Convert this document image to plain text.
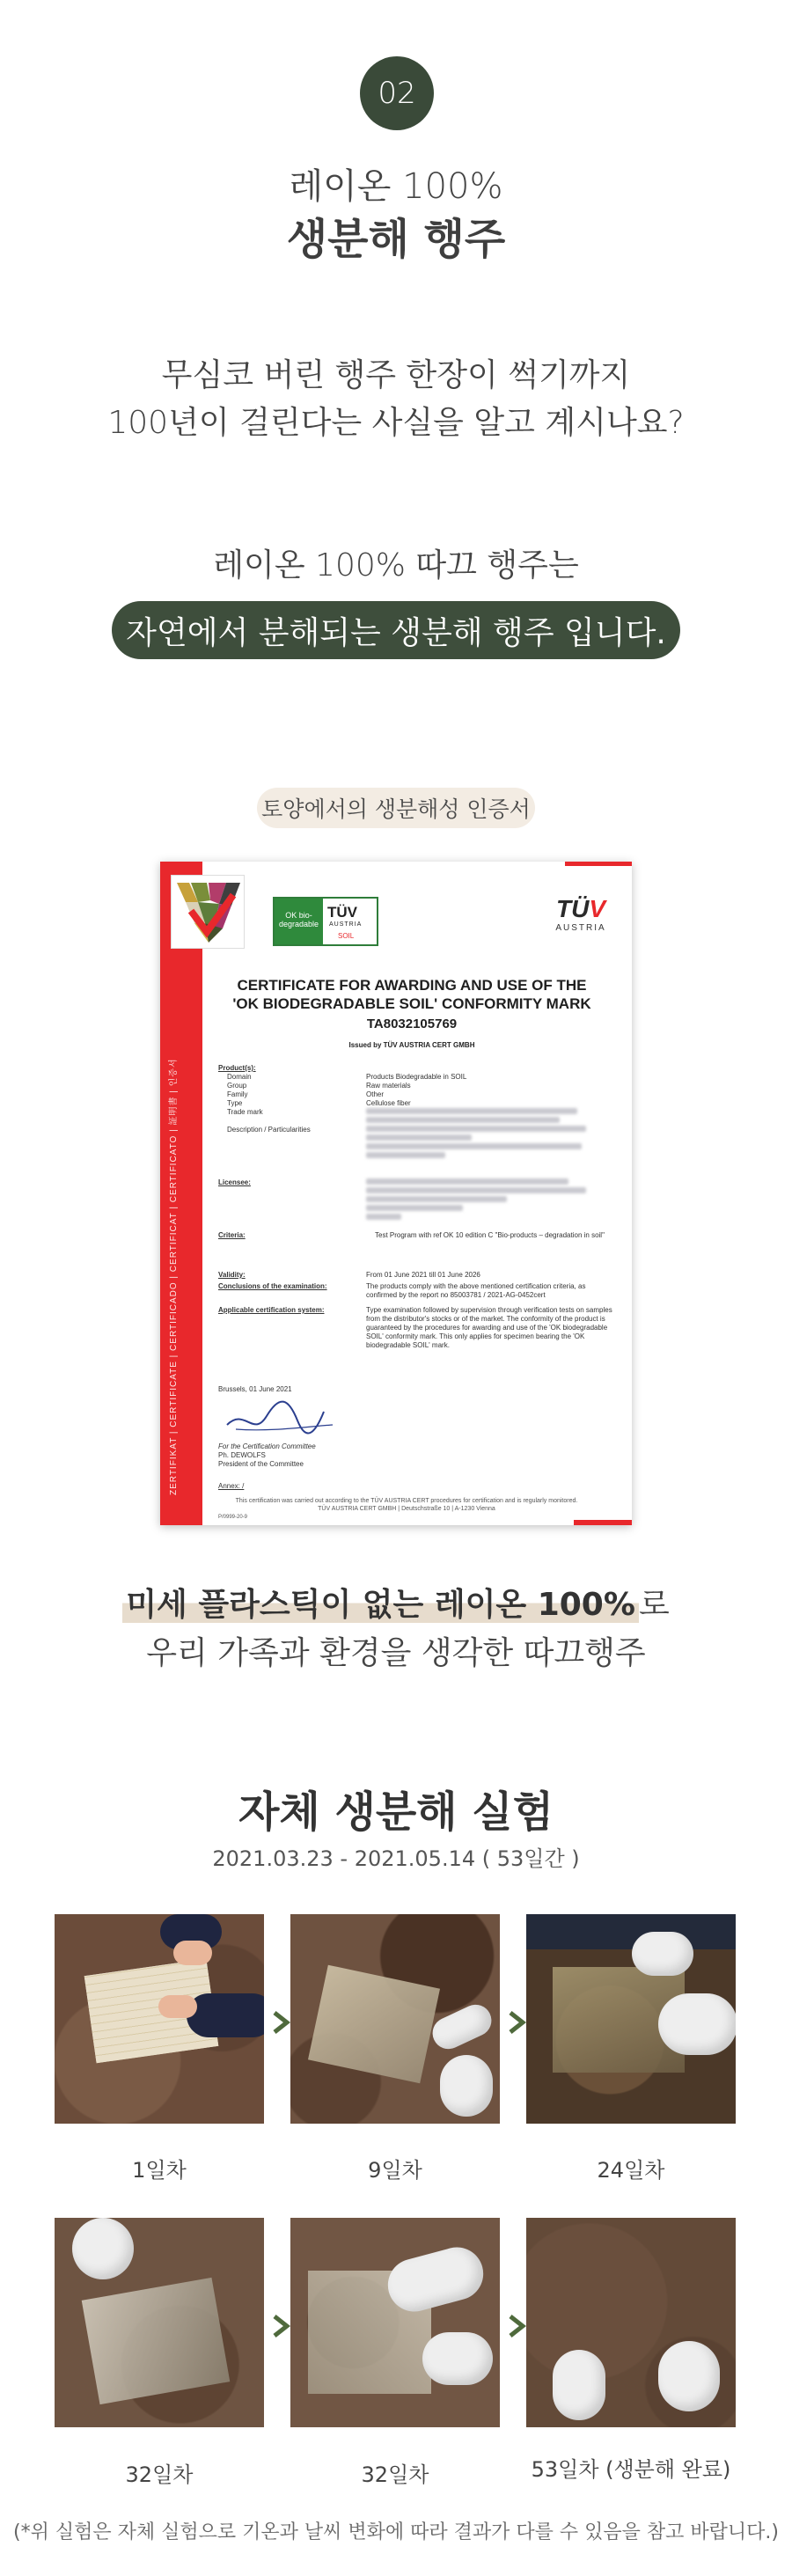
02
레이온 100%
생분해 행주
무심코 버린 행주 한장이 썩기까지
100년이 걸린다는 사실을 알고 계시나요?
레이온 100% 따끄 행주는
자연에서 분해되는 생분해 행주 입니다.
토양에서의 생분해성 인증서
ZERTIFIKAT | CERTIFICATE | CERTIFICADO | CERTIFICAT | CERTIFICATO | 証明書 | 인증서
OK bio-degradable
TÜV
AUSTRIA
SOIL
TÜV
AUSTRIA
CERTIFICATE FOR AWARDING AND USE OF THE
'OK BIODEGRADABLE SOIL' CONFORMITY MARK
TA8032105769
Issued by TÜV AUSTRIA CERT GMBH
Product(s):
Domain	Products Biodegradable in SOIL
Group	Raw materials
Family	Other
Type	Cellulose fiber
Trade mark
Description / Particularities
Licensee:
Criteria:	Test Program with ref OK 10 edition C "Bio-products – degradation in soil"
Validity:	From 01 June 2021 till 01 June 2026
Conclusions of the examination:	The products comply with the above mentioned certification criteria, as confirmed by the report no 85003781 / 2021-AG-0452cert
Applicable certification system:	Type examination followed by supervision through verification tests on samples from the distributor's stocks or of the market. The conformity of the product is guaranteed by the procedures for awarding and use of the 'OK biodegradable SOIL' conformity mark. This only applies for specimen bearing the 'OK biodegradable SOIL' mark.
Brussels, 01 June 2021
For the Certification Committee
Ph. DEWOLFS
President of the Committee
Annex: /
This certification was carried out according to the TÜV AUSTRIA CERT procedures for certification and is regularly monitored.
TÜV AUSTRIA CERT GMBH | Deutschstraße 10 | A-1230 Vienna
P/0999-20-9
미세 플라스틱이 없는 레이온 100% 로
우리 가족과 환경을 생각한 따끄행주
자체 생분해 실험
2021.03.23 - 2021.05.14 ( 53일간 )
1일차	9일차	24일차
32일차	32일차	53일차 (생분해 완료)
(*위 실험은 자체 실험으로 기온과 날씨 변화에 따라 결과가 다를 수 있음을 참고 바랍니다.)
